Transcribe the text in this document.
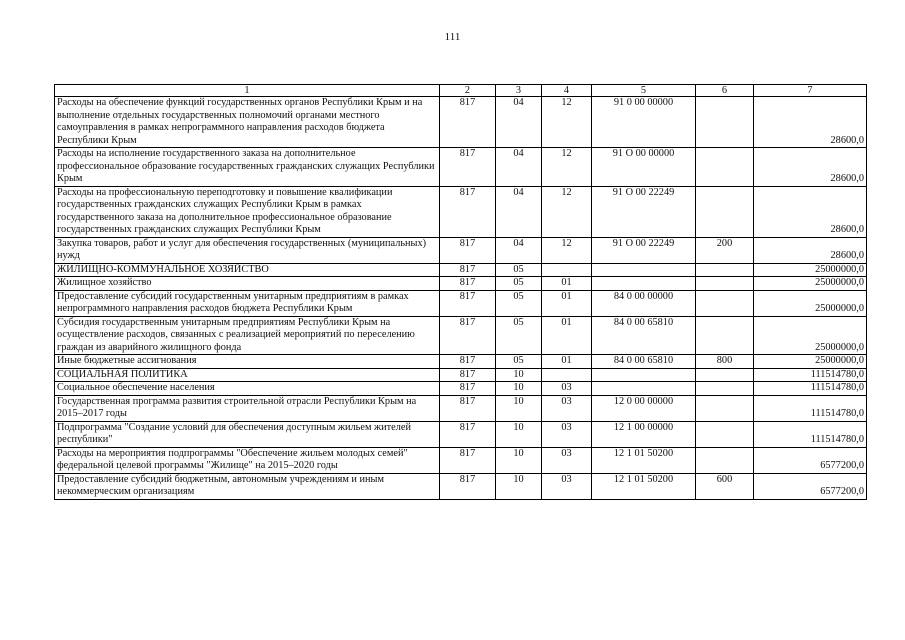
111
1	2	3	4	5	6	7
Расходы на обеспечение функций государственных органов Республики Крым и на выполнение отдельных государственных полномочий органами местного самоуправления в рамках непрограммного направления расходов бюджета Республики Крым	817	04	12	91 0 00 00000		28600,0
Расходы на исполнение государственного заказа на дополнительное профессиональное образование государственных гражданских служащих Республики Крым	817	04	12	91 О 00 00000		28600,0
Расходы на профессиональную переподготовку и повышение квалификации государственных гражданских служащих Республики Крым в рамках государственного заказа на дополнительное профессиональное образование государственных гражданских служащих Республики Крым	817	04	12	91 О 00 22249		28600,0
Закупка товаров, работ и услуг для обеспечения государственных (муниципальных) нужд	817	04	12	91 О 00 22249	200	28600,0
ЖИЛИЩНО-КОММУНАЛЬНОЕ ХОЗЯЙСТВО	817	05				25000000,0
Жилищное хозяйство	817	05	01			25000000,0
Предоставление субсидий государственным унитарным предприятиям в рамках непрограммного направления расходов бюджета Республики Крым	817	05	01	84 0 00 00000		25000000,0
Субсидия государственным унитарным предприятиям Республики Крым на осуществление расходов, связанных с реализацией мероприятий по переселению граждан из аварийного жилищного фонда	817	05	01	84 0 00 65810		25000000,0
Иные бюджетные ассигнования	817	05	01	84 0 00 65810	800	25000000,0
СОЦИАЛЬНАЯ ПОЛИТИКА	817	10				111514780,0
Социальное обеспечение населения	817	10	03			111514780,0
Государственная программа развития строительной отрасли Республики Крым на 2015–2017 годы	817	10	03	12 0 00 00000		111514780,0
Подпрограмма "Создание условий для обеспечения доступным жильем жителей республики"	817	10	03	12 1 00 00000		111514780,0
Расходы на мероприятия подпрограммы "Обеспечение жильем молодых семей" федеральной целевой программы "Жилище" на 2015–2020 годы	817	10	03	12 1 01 50200		6577200,0
Предоставление субсидий бюджетным, автономным учреждениям и иным некоммерческим организациям	817	10	03	12 1 01 50200	600	6577200,0
